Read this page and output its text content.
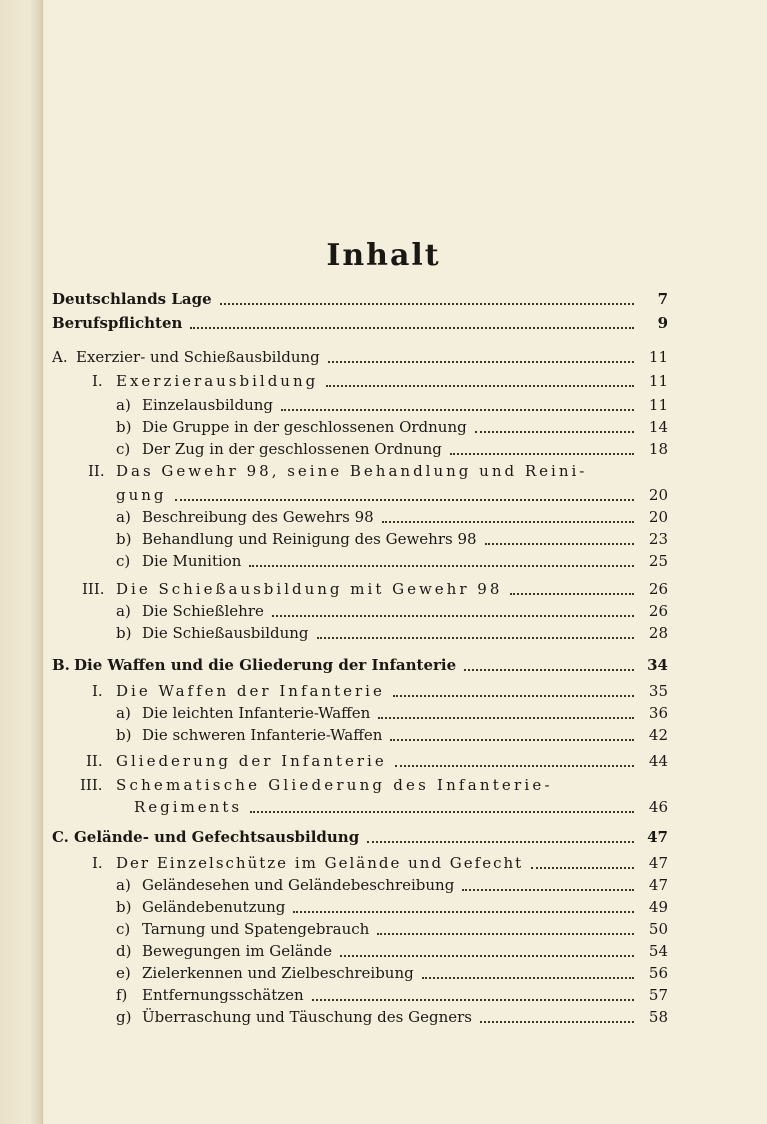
Inhalt
Deutschlands Lage	7
Berufspflichten	9
A. Exerzier- und Schießausbildung	11
I. Exerzierausbildung	11
a) Einzelausbildung	11
b) Die Gruppe in der geschlossenen Ordnung	14
c) Der Zug in der geschlossenen Ordnung	18
II. Das Gewehr 98, seine Behandlung und Reini-
gung	20
a) Beschreibung des Gewehrs 98	20
b) Behandlung und Reinigung des Gewehrs 98	23
c) Die Munition	25
III. Die Schießausbildung mit Gewehr 98	26
a) Die Schießlehre	26
b) Die Schießausbildung	28
B. Die Waffen und die Gliederung der Infanterie	34
I. Die Waffen der Infanterie	35
a) Die leichten Infanterie-Waffen	36
b) Die schweren Infanterie-Waffen	42
II. Gliederung der Infanterie	44
III. Schematische Gliederung des Infanterie-
Regiments	46
C. Gelände- und Gefechtsausbildung	47
I. Der Einzelschütze im Gelände und Gefecht	47
a) Geländesehen und Geländebeschreibung	47
b) Geländebenutzung	49
c) Tarnung und Spatengebrauch	50
d) Bewegungen im Gelände	54
e) Zielerkennen und Zielbeschreibung	56
f) Entfernungsschätzen	57
g) Überraschung und Täuschung des Gegners	58
